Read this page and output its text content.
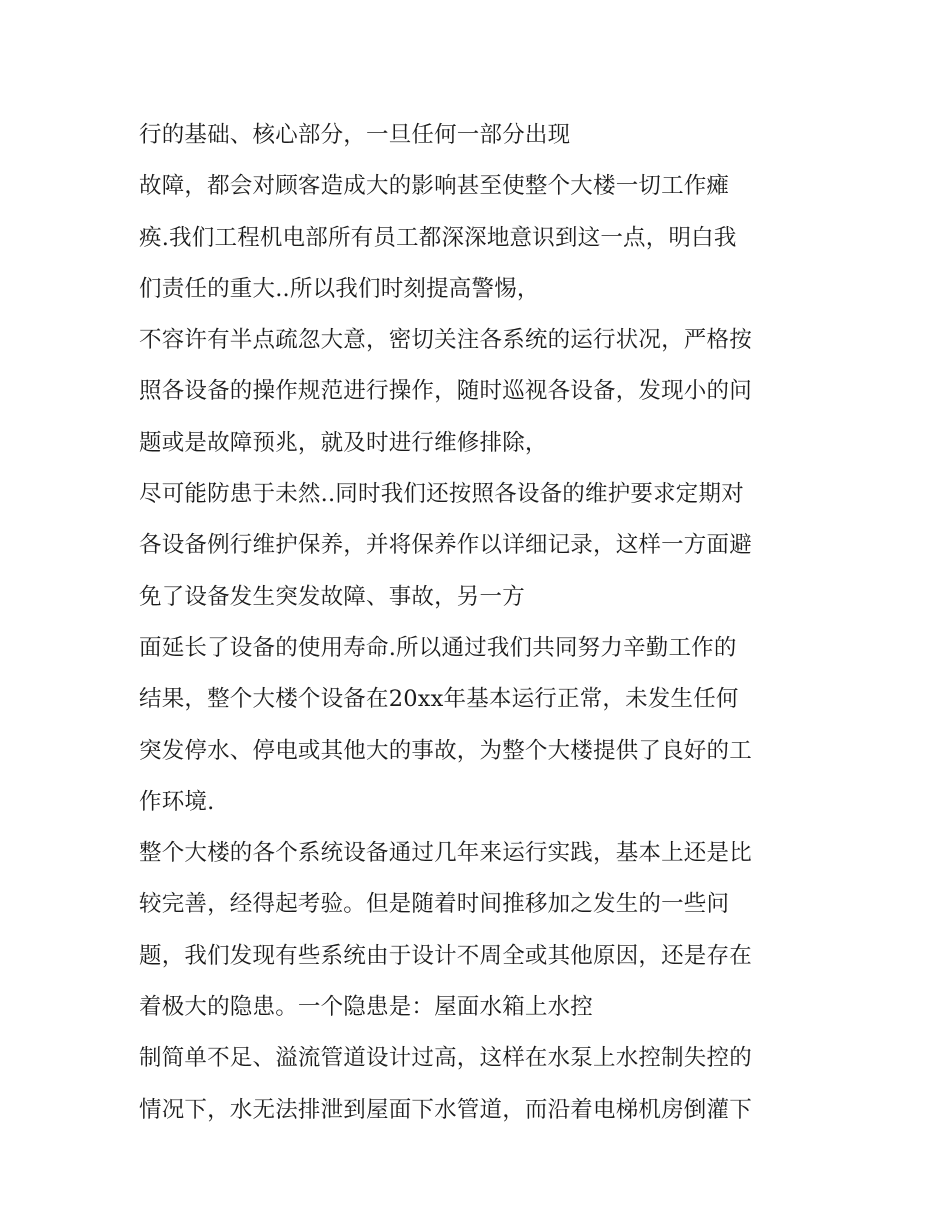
行的基础、核心部分，一旦任何一部分出现
故障，都会对顾客造成大的影响甚至使整个大楼一切工作瘫
痪.我们工程机电部所有员工都深深地意识到这一点，明白我
们责任的重大..所以我们时刻提高警惕，
不容许有半点疏忽大意，密切关注各系统的运行状况，严格按
照各设备的操作规范进行操作，随时巡视各设备，发现小的问
题或是故障预兆，就及时进行维修排除，
尽可能防患于未然..同时我们还按照各设备的维护要求定期对
各设备例行维护保养，并将保养作以详细记录，这样一方面避
免了设备发生突发故障、事故，另一方
面延长了设备的使用寿命.所以通过我们共同努力辛勤工作的
结果，整个大楼个设备在20xx年基本运行正常，未发生任何
突发停水、停电或其他大的事故，为整个大楼提供了良好的工
作环境.
整个大楼的各个系统设备通过几年来运行实践，基本上还是比
较完善，经得起考验。但是随着时间推移加之发生的一些问
题，我们发现有些系统由于设计不周全或其他原因，还是存在
着极大的隐患。一个隐患是：屋面水箱上水控
制简单不足、溢流管道设计过高，这样在水泵上水控制失控的
情况下，水无法排泄到屋面下水管道，而沿着电梯机房倒灌下
